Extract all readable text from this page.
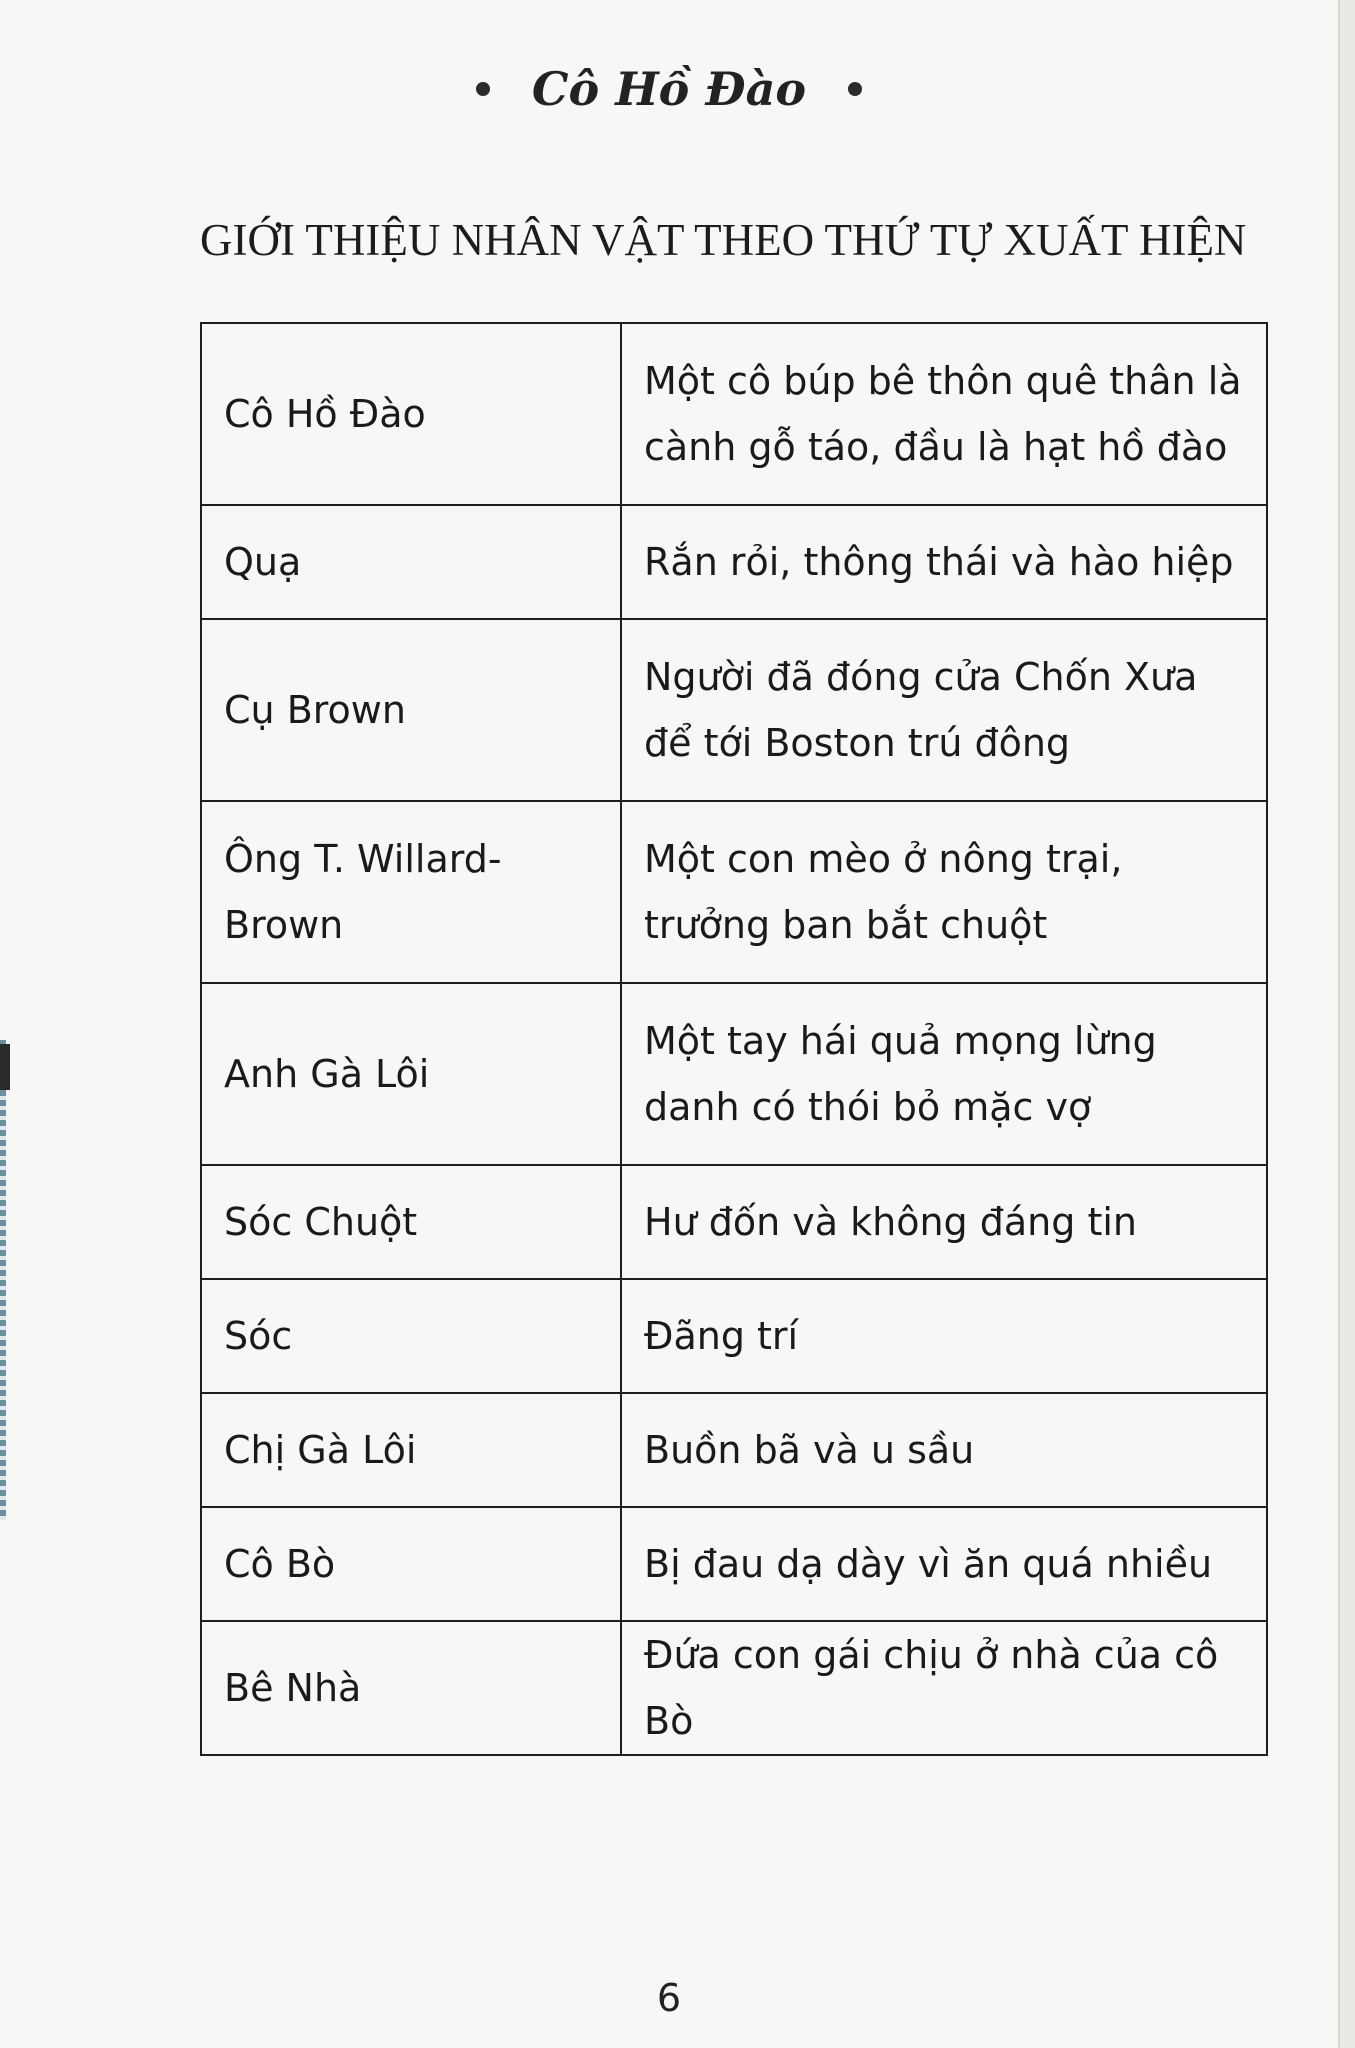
Cô Hồ Đào
GIỚI THIỆU NHÂN VẬT THEO THỨ TỰ XUẤT HIỆN
Cô Hồ Đào	Một cô búp bê thôn quê thân là cành gỗ táo, đầu là hạt hồ đào
Quạ	Rắn rỏi, thông thái và hào hiệp
Cụ Brown	Người đã đóng cửa Chốn Xưa để tới Boston trú đông
Ông T. Willard-Brown	Một con mèo ở nông trại, trưởng ban bắt chuột
Anh Gà Lôi	Một tay hái quả mọng lừng danh có thói bỏ mặc vợ
Sóc Chuột	Hư đốn và không đáng tin
Sóc	Đãng trí
Chị Gà Lôi	Buồn bã và u sầu
Cô Bò	Bị đau dạ dày vì ăn quá nhiều
Bê Nhà	Đứa con gái chịu ở nhà của cô Bò
6
